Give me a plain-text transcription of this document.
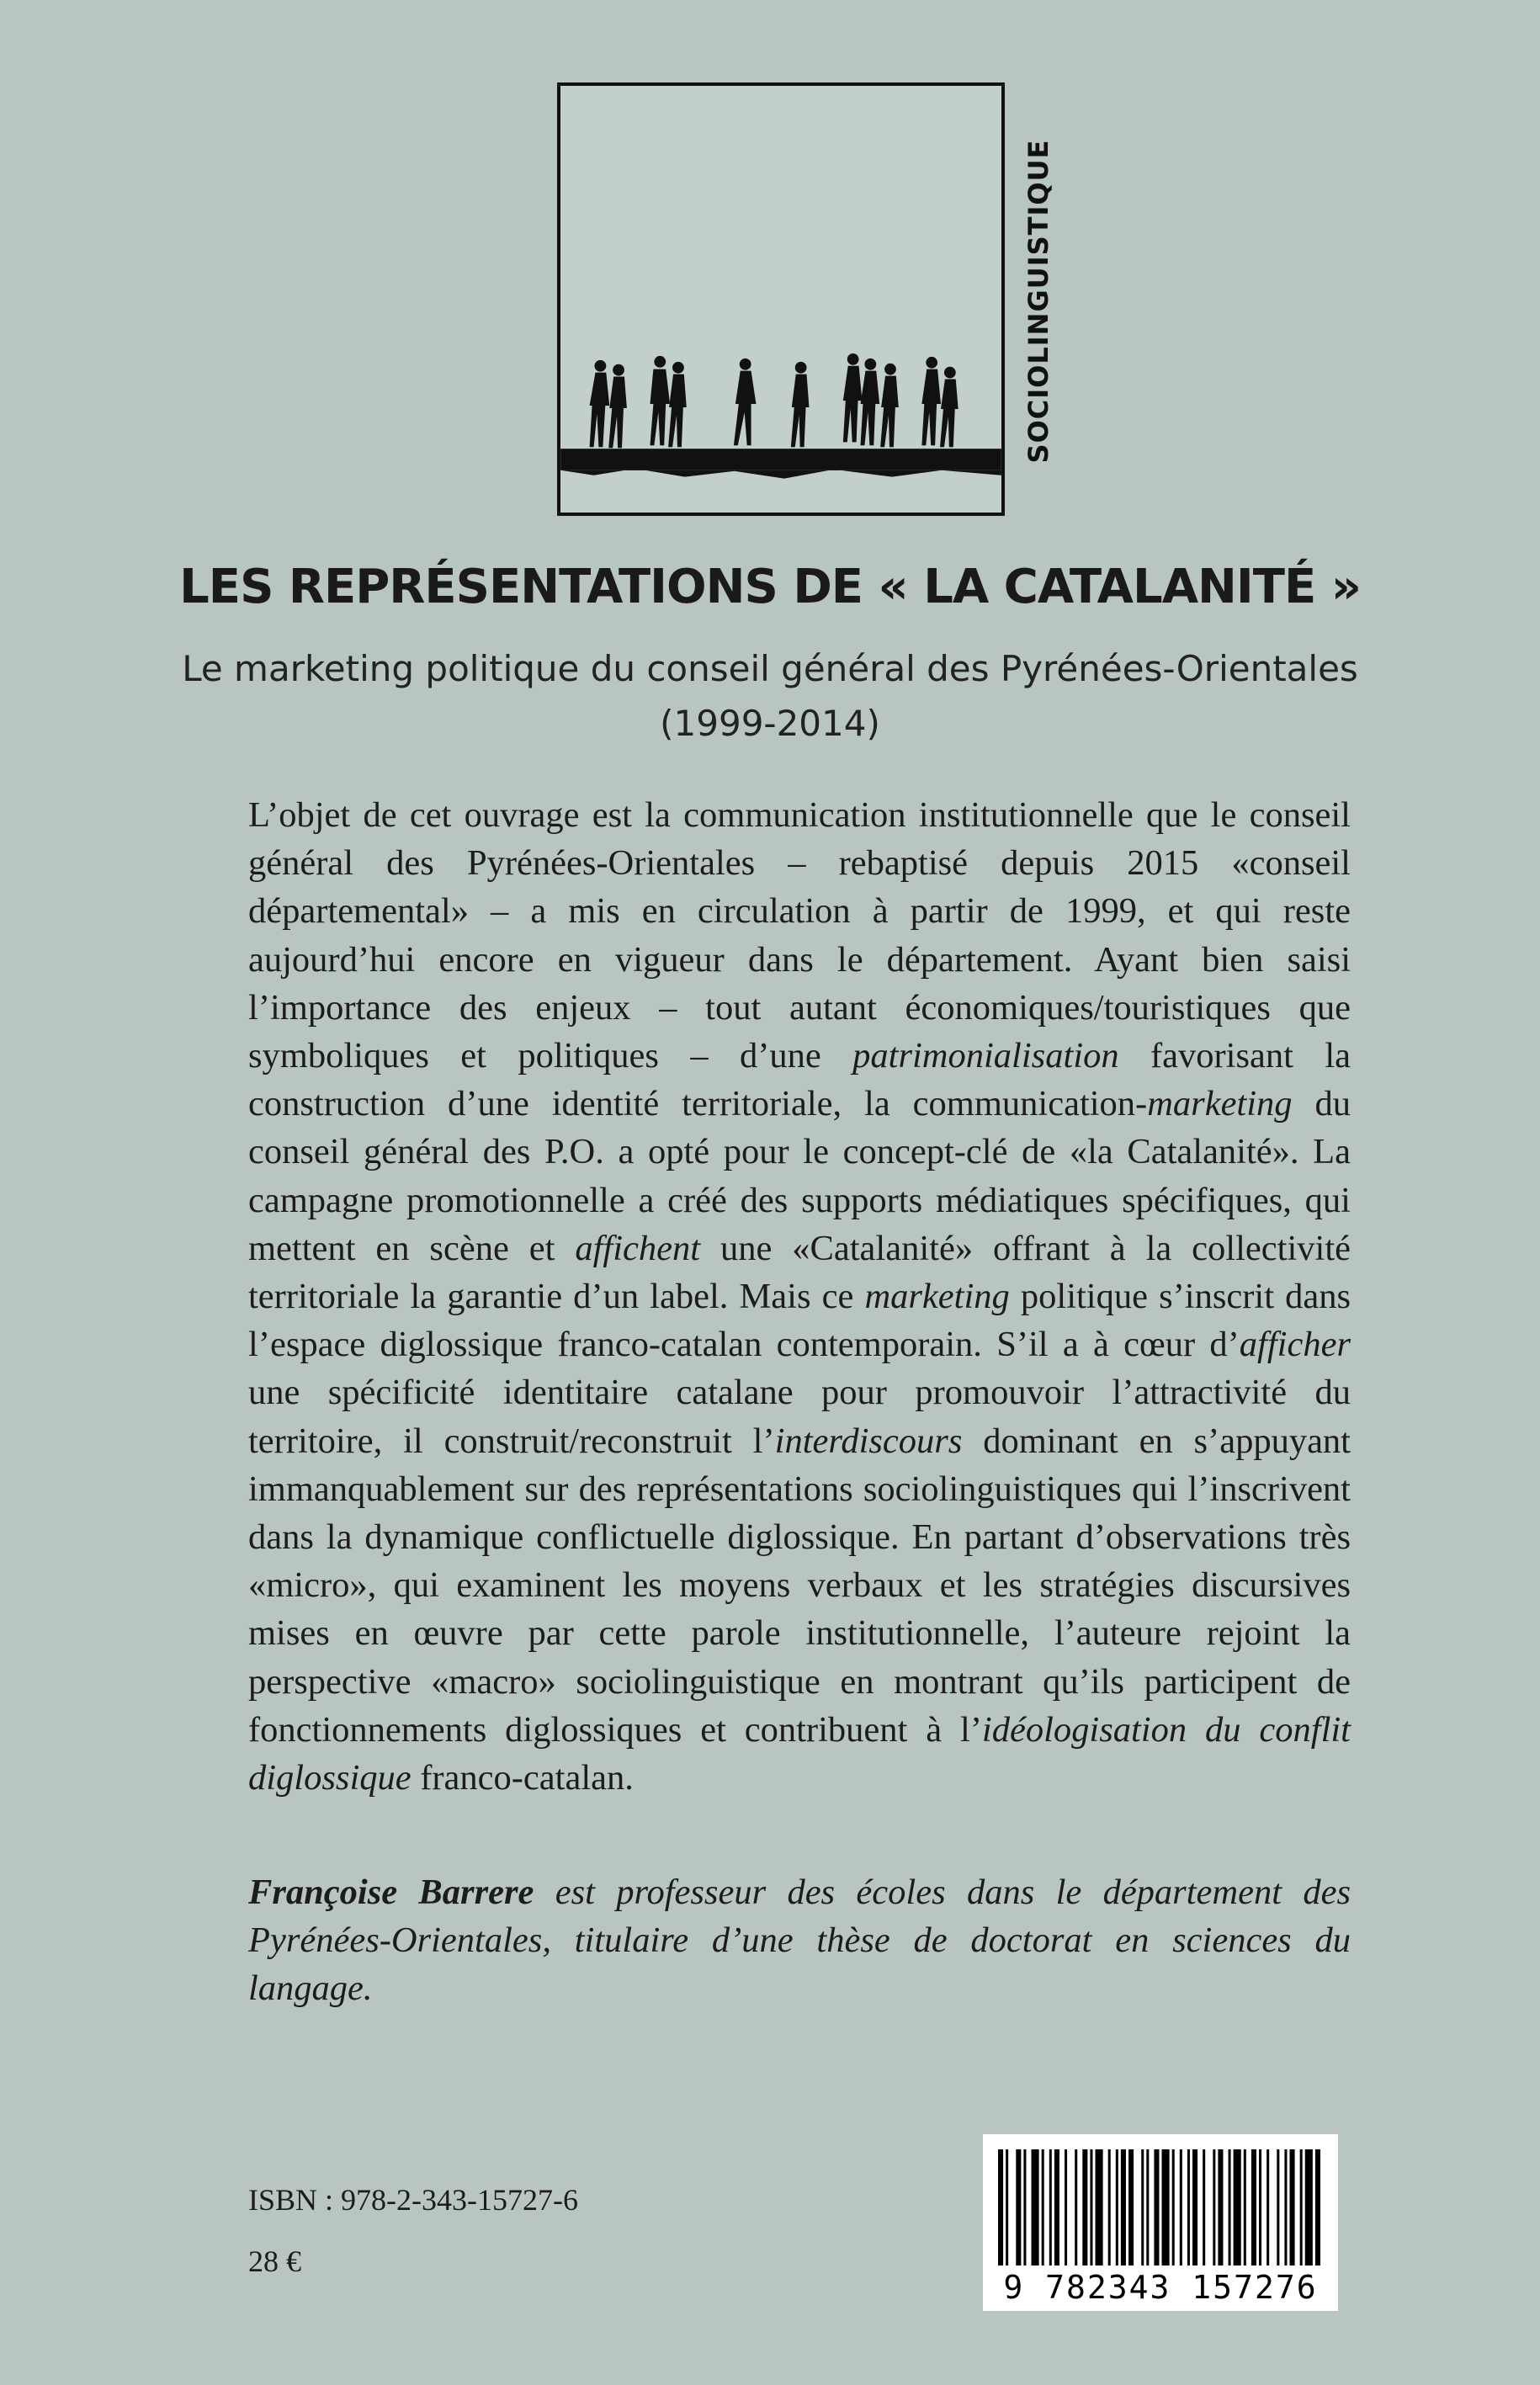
SOCIOLINGUISTIQUE
LES REPRÉSENTATIONS DE « LA CATALANITÉ »
Le marketing politique du conseil général des Pyrénées-Orientales
(1999-2014)

L’objet de cet ouvrage est la communication institutionnelle que le conseil général des Pyrénées-Orientales – rebaptisé depuis 2015 «conseil départemental» – a mis en circulation à partir de 1999, et qui reste aujourd’hui encore en vigueur dans le département. Ayant bien saisi l’importance des enjeux – tout autant économiques/touristiques que symboliques et politiques – d’une patrimonialisation favorisant la construction d’une identité territoriale, la communication-marketing du conseil général des P.O. a opté pour le concept-clé de «la Catalanité». La campagne promotionnelle a créé des supports médiatiques spécifiques, qui mettent en scène et affichent une «Catalanité» offrant à la collectivité territoriale la garantie d’un label. Mais ce marketing politique s’inscrit dans l’espace diglossique franco-catalan contemporain. S’il a à cœur d’afficher une spécificité identitaire catalane pour promouvoir l’attractivité du territoire, il construit/reconstruit l’interdiscours dominant en s’appuyant immanquablement sur des représentations sociolinguistiques qui l’inscrivent dans la dynamique conflictuelle diglossique. En partant d’observations très «micro», qui examinent les moyens verbaux et les stratégies discursives mises en œuvre par cette parole institutionnelle, l’auteure rejoint la perspective «macro» sociolinguistique en montrant qu’ils participent de fonctionnements diglossiques et contribuent à l’idéologisation du conflit diglossique franco-catalan.

Françoise Barrere est professeur des écoles dans le département des Pyrénées-Orientales, titulaire d’une thèse de doctorat en sciences du langage.

ISBN : 978-2-343-15727-6
28 €
9 782343 157276
